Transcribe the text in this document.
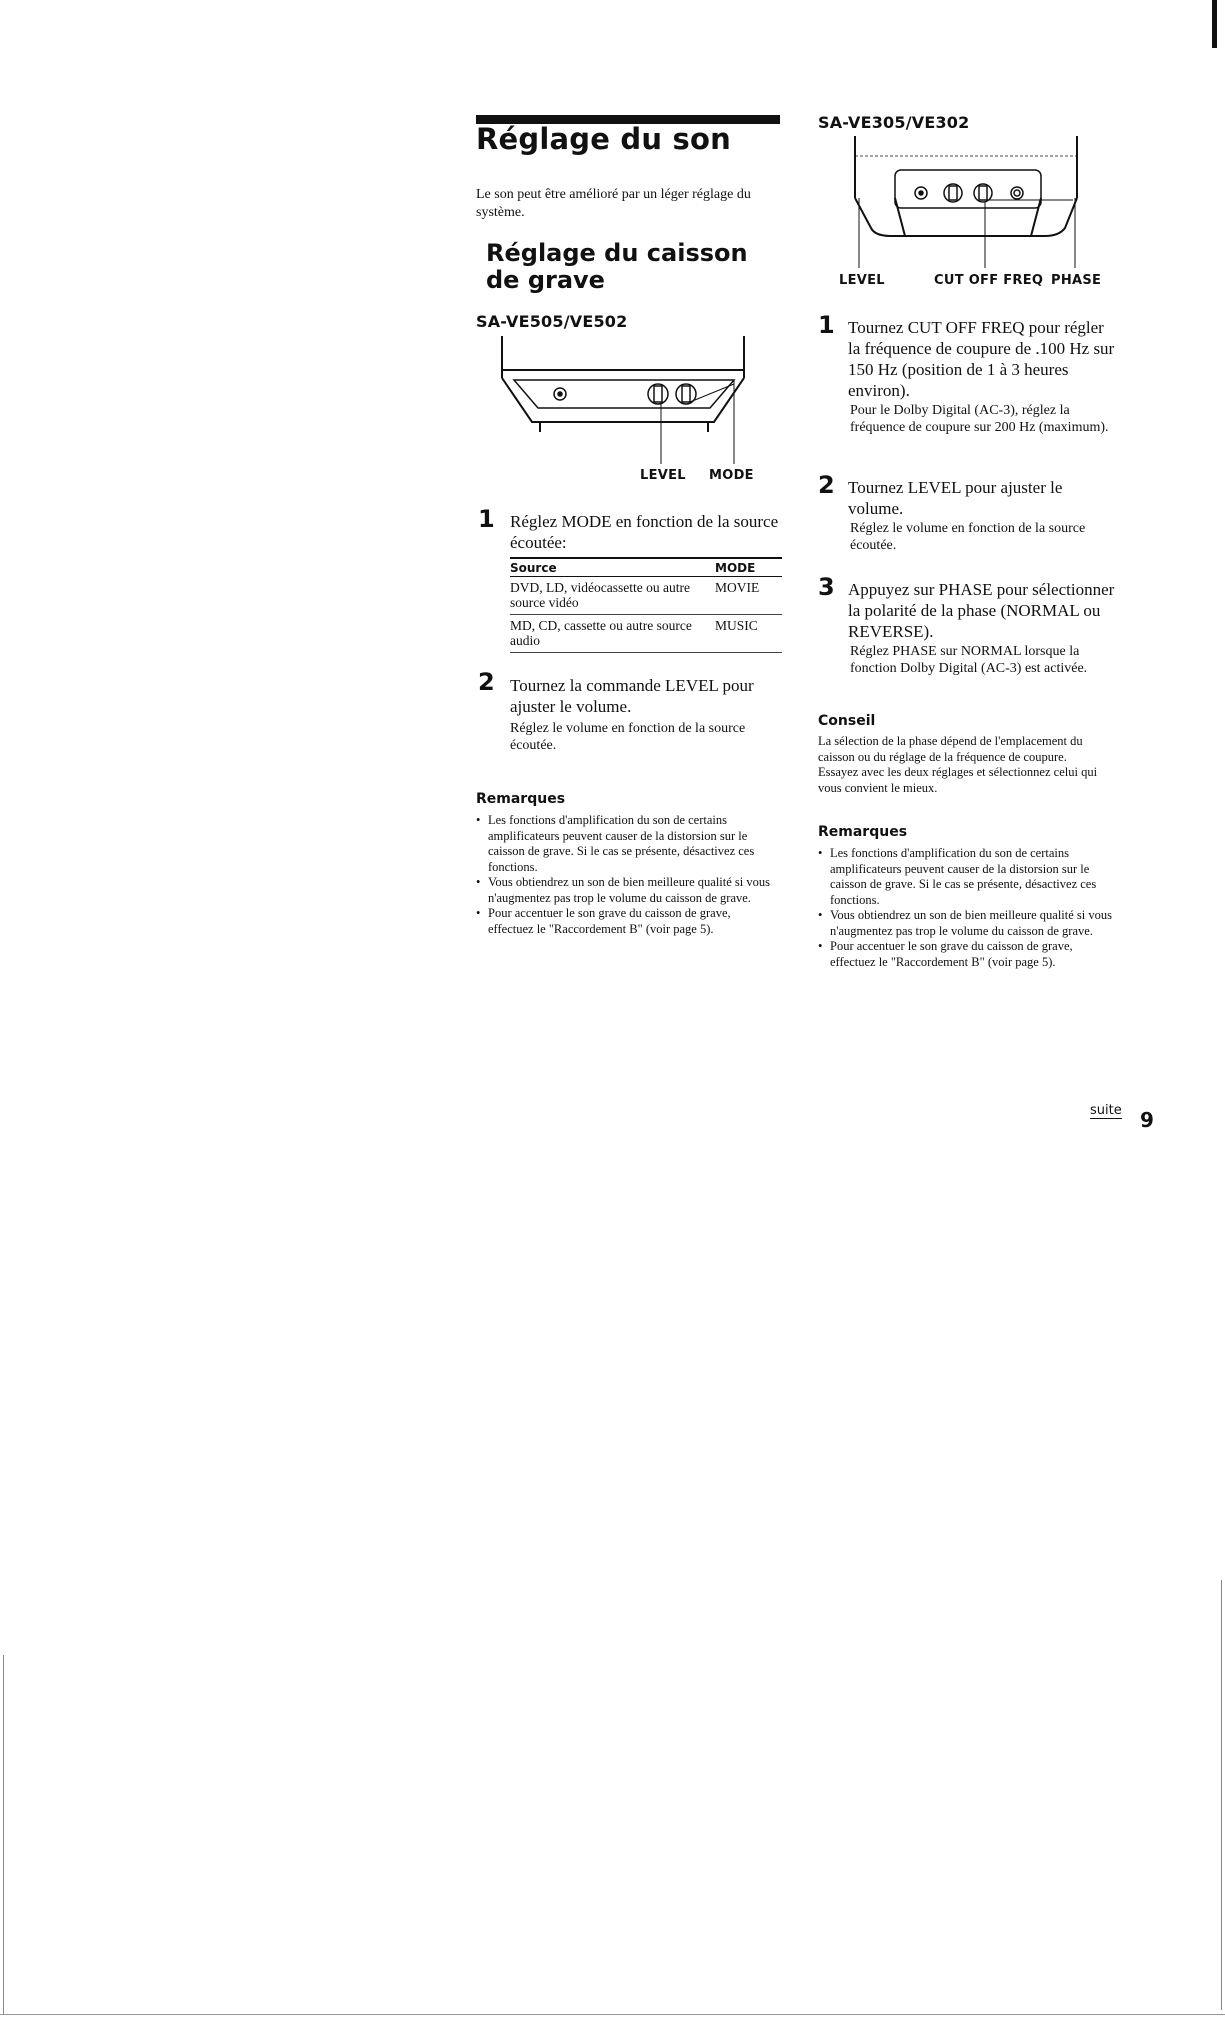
Réglage du son
Le son peut être amélioré par un léger réglage du système.
Réglage du caisson de grave
SA-VE505/VE502
LEVEL MODE
1 Réglez MODE en fonction de la source écoutée:
Source	MODE
DVD, LD, vidéocassette ou autre source vidéo	MOVIE
MD, CD, cassette ou autre source audio	MUSIC
2 Tournez la commande LEVEL pour ajuster le volume.
Réglez le volume en fonction de la source écoutée.
Remarques
• Les fonctions d'amplification du son de certains amplificateurs peuvent causer de la distorsion sur le caisson de grave. Si le cas se présente, désactivez ces fonctions.
• Vous obtiendrez un son de bien meilleure qualité si vous n'augmentez pas trop le volume du caisson de grave.
• Pour accentuer le son grave du caisson de grave, effectuez le "Raccordement B" (voir page 5).
SA-VE305/VE302
LEVEL	CUT OFF FREQ PHASE
1 Tournez CUT OFF FREQ pour régler la fréquence de coupure de .100 Hz sur 150 Hz (position de 1 à 3 heures environ).
Pour le Dolby Digital (AC-3), réglez la fréquence de coupure sur 200 Hz (maximum).
2 Tournez LEVEL pour ajuster le volume.
Réglez le volume en fonction de la source écoutée.
3 Appuyez sur PHASE pour sélectionner la polarité de la phase (NORMAL ou REVERSE).
Réglez PHASE sur NORMAL lorsque la fonction Dolby Digital (AC-3) est activée.
Conseil
La sélection de la phase dépend de l'emplacement du caisson ou du réglage de la fréquence de coupure.
Essayez avec les deux réglages et sélectionnez celui qui vous convient le mieux.
Remarques
• Les fonctions d'amplification du son de certains amplificateurs peuvent causer de la distorsion sur le caisson de grave. Si le cas se présente, désactivez ces fonctions.
• Vous obtiendrez un son de bien meilleure qualité si vous n'augmentez pas trop le volume du caisson de grave.
• Pour accentuer le son grave du caisson de grave, effectuez le "Raccordement B" (voir page 5).
suite 9
